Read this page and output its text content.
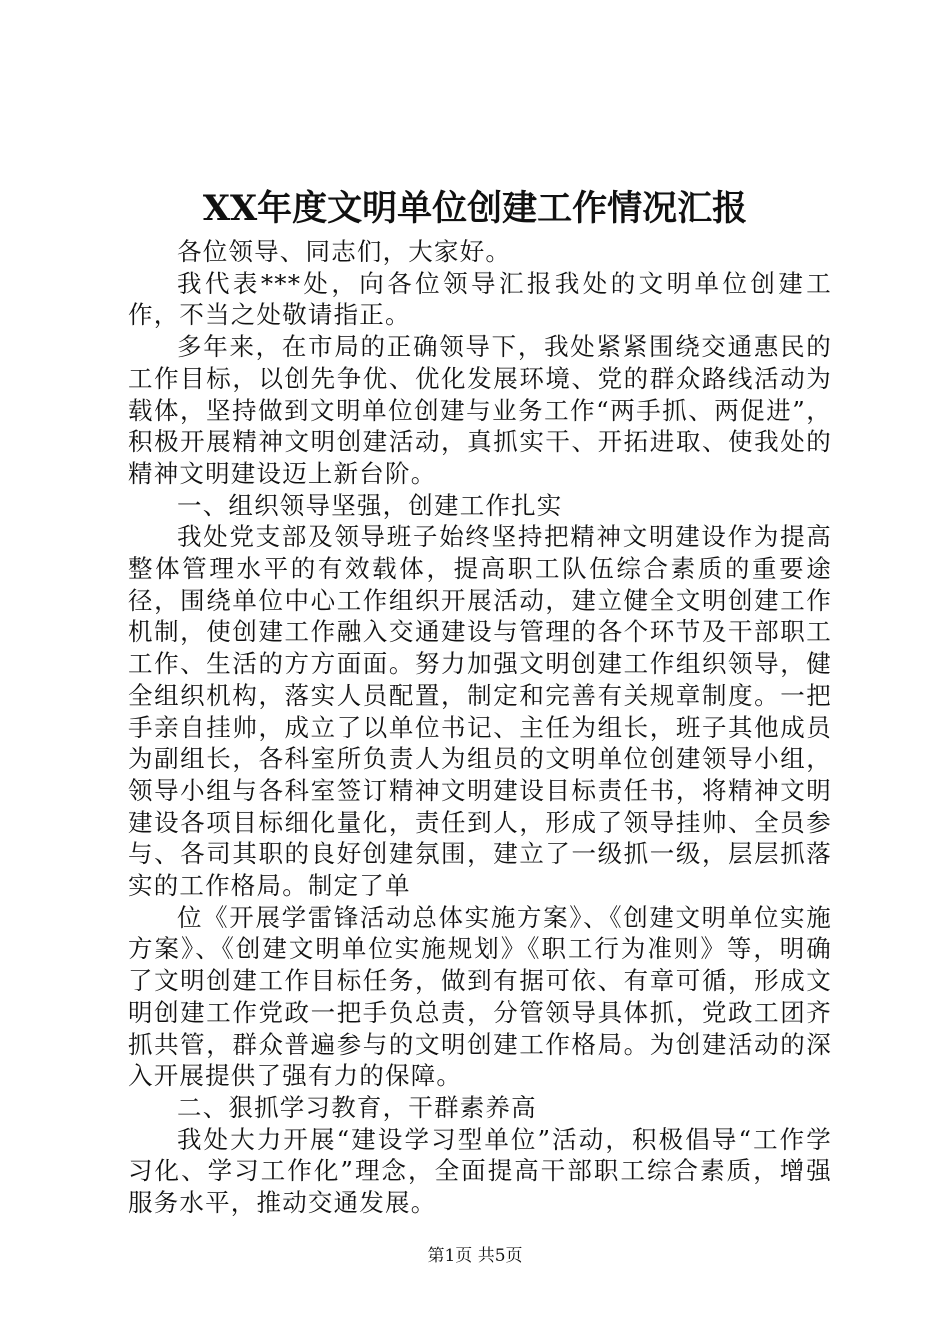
XX年度文明单位创建工作情况汇报

各位领导、同志们，大家好。

我代表***处，向各位领导汇报我处的文明单位创建工作，不当之处敬请指正。

多年来，在市局的正确领导下，我处紧紧围绕交通惠民的工作目标，以创先争优、优化发展环境、党的群众路线活动为载体，坚持做到文明单位创建与业务工作“两手抓、两促进”，积极开展精神文明创建活动，真抓实干、开拓进取、使我处的精神文明建设迈上新台阶。

一、组织领导坚强，创建工作扎实

我处党支部及领导班子始终坚持把精神文明建设作为提高整体管理水平的有效载体，提高职工队伍综合素质的重要途径，围绕单位中心工作组织开展活动，建立健全文明创建工作机制，使创建工作融入交通建设与管理的各个环节及干部职工工作、生活的方方面面。努力加强文明创建工作组织领导，健全组织机构，落实人员配置，制定和完善有关规章制度。一把手亲自挂帅，成立了以单位书记、主任为组长，班子其他成员为副组长，各科室所负责人为组员的文明单位创建领导小组，领导小组与各科室签订精神文明建设目标责任书，将精神文明建设各项目标细化量化，责任到人，形成了领导挂帅、全员参与、各司其职的良好创建氛围，建立了一级抓一级，层层抓落实的工作格局。制定了单

位《开展学雷锋活动总体实施方案》、《创建文明单位实施方案》、《创建文明单位实施规划》《职工行为准则》等，明确了文明创建工作目标任务，做到有据可依、有章可循，形成文明创建工作党政一把手负总责，分管领导具体抓，党政工团齐抓共管，群众普遍参与的文明创建工作格局。为创建活动的深入开展提供了强有力的保障。

二、狠抓学习教育，干群素养高

我处大力开展“建设学习型单位”活动，积极倡导“工作学习化、学习工作化”理念，全面提高干部职工综合素质，增强服务水平，推动交通发展。

第1页 共5页
